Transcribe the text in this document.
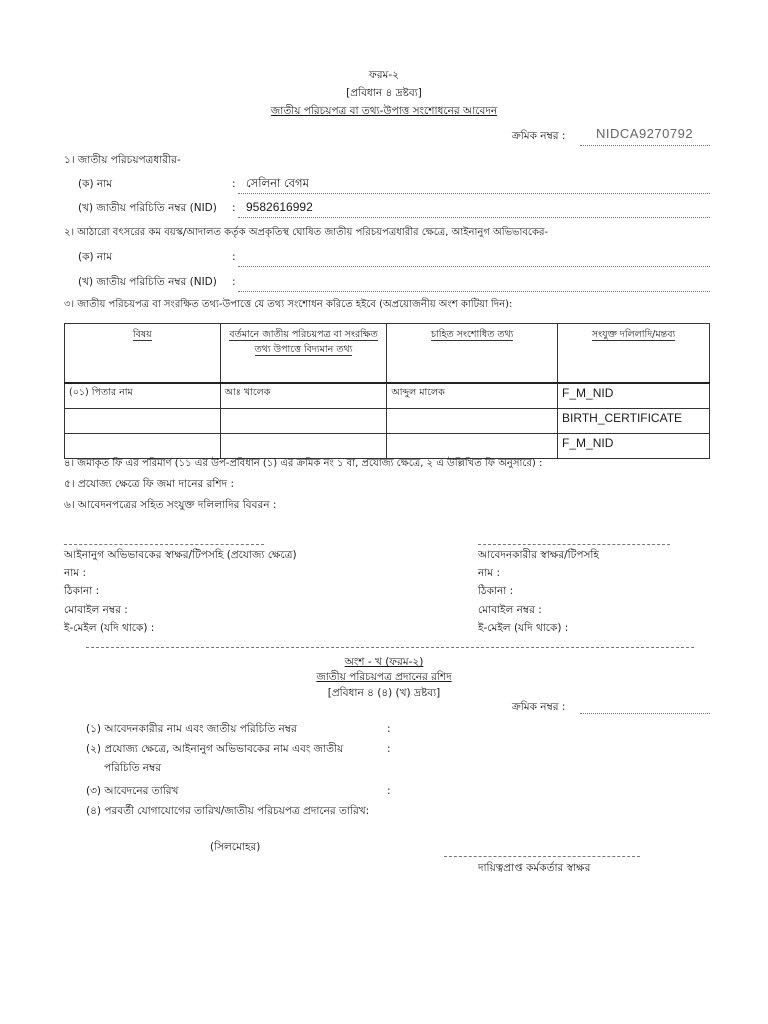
ফরম-২
[প্রবিধান ৪ দ্রষ্টব্য]
জাতীয় পরিচয়পত্র বা তথ্য-উপাত্ত সংশোধনের আবেদন
ক্রমিক নম্বর : NIDCA9270792
১। জাতীয় পরিচয়পত্রধারীর-
(ক) নাম	: সেলিনা বেগম
(খ) জাতীয় পরিচিতি নম্বর (NID) : 9582616992
২। আঠারো বৎসরের কম বয়স্ক/আদালত কর্তৃক অপ্রকৃতিস্থ ঘোষিত জাতীয় পরিচয়পত্রধারীর ক্ষেত্রে, আইনানুগ অভিভাবকের-
(ক) নাম	:
(খ) জাতীয় পরিচিতি নম্বর (NID) :
৩। জাতীয় পরিচয়পত্র বা সংরক্ষিত তথ্য-উপাত্তে যে তথ্য সংশোধন করিতে হইবে (অপ্রয়োজনীয় অংশ কাটিয়া দিন):
বিষয়	বর্তমানে জাতীয় পরিচয়পত্র বা সংরক্ষিত তথ্য উপাত্তে বিদ্যমান তথ্য	চাহিত সংশোধিত তথ্য	সংযুক্ত দলিলাদি/মন্তব্য
(০১) পিতার নাম	আঃ খালেক	আব্দুল মালেক	F_M_NID
			BIRTH_CERTIFICATE
			F_M_NID
৪। জমাকৃত ফি এর পরিমাণ (১১ এর উপ-প্রবিধান (১) এর ক্রমিক নং ১ বা, প্রযোজ্য ক্ষেত্রে, ২ এ উল্লিখিত ফি অনুসারে) :
৫। প্রযোজ্য ক্ষেত্রে ফি জমা দানের রশিদ :
৬। আবেদনপত্রের সহিত সংযুক্ত দলিলাদির বিবরন :
আইনানুগ অভিভাবকের স্বাক্ষর/টিপসহি (প্রযোজ্য ক্ষেত্রে)	আবেদনকারীর স্বাক্ষর/টিপসহি
নাম :	নাম :
ঠিকানা :	ঠিকানা :
মোবাইল নম্বর :	মোবাইল নম্বর :
ই-মেইল (যদি থাকে) :	ই-মেইল (যদি থাকে) :
অংশ - খ (ফরম-২)
জাতীয় পরিচয়পত্র প্রদানের রশিদ
[প্রবিধান ৪ (৪) (খ) দ্রষ্টব্য]
ক্রমিক নম্বর :
(১) আবেদনকারীর নাম এবং জাতীয় পরিচিতি নম্বর	:
(২) প্রযোজ্য ক্ষেত্রে, আইনানুগ অভিভাবকের নাম এবং জাতীয়	:
পরিচিতি নম্বর
(৩) আবেদনের তারিখ	:
(৪) পরবর্তী যোগাযোগের তারিখ/জাতীয় পরিচয়পত্র প্রদানের তারিখ:
(সিলমোহর)
দায়িত্বপ্রাপ্ত কর্মকর্তার স্বাক্ষর
